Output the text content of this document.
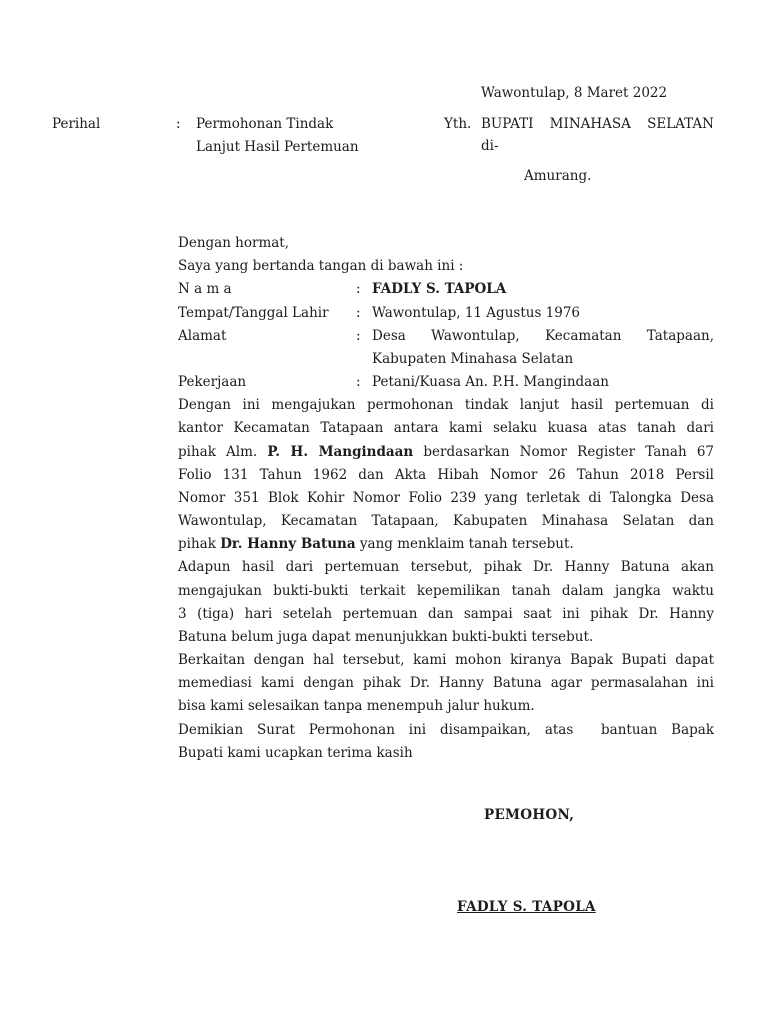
Wawontulap, 8 Maret 2022
Perihal	: Permohonan Tindak
Lanjut Hasil Pertemuan
Yth. BUPATI MINAHASA SELATAN
di-
Amurang.
Dengan hormat,
Saya yang bertanda tangan di bawah ini :
N a m a	: FADLY S. TAPOLA
Tempat/Tanggal Lahir	: Wawontulap, 11 Agustus 1976
Alamat	: Desa Wawontulap, Kecamatan Tatapaan,
Kabupaten Minahasa Selatan
Pekerjaan	: Petani/Kuasa An. P.H. Mangindaan
Dengan ini mengajukan permohonan tindak lanjut hasil pertemuan di
kantor Kecamatan Tatapaan antara kami selaku kuasa atas tanah dari
pihak Alm. P. H. Mangindaan berdasarkan Nomor Register Tanah 67
Folio 131 Tahun 1962 dan Akta Hibah Nomor 26 Tahun 2018 Persil
Nomor 351 Blok Kohir Nomor Folio 239 yang terletak di Talongka Desa
Wawontulap, Kecamatan Tatapaan, Kabupaten Minahasa Selatan dan
pihak Dr. Hanny Batuna yang menklaim tanah tersebut.
Adapun hasil dari pertemuan tersebut, pihak Dr. Hanny Batuna akan
mengajukan bukti-bukti terkait kepemilikan tanah dalam jangka waktu
3 (tiga) hari setelah pertemuan dan sampai saat ini pihak Dr. Hanny
Batuna belum juga dapat menunjukkan bukti-bukti tersebut.
Berkaitan dengan hal tersebut, kami mohon kiranya Bapak Bupati dapat
memediasi kami dengan pihak Dr. Hanny Batuna agar permasalahan ini
bisa kami selesaikan tanpa menempuh jalur hukum.
Demikian Surat Permohonan ini disampaikan, atas  bantuan Bapak
Bupati kami ucapkan terima kasih
PEMOHON,
FADLY S. TAPOLA
